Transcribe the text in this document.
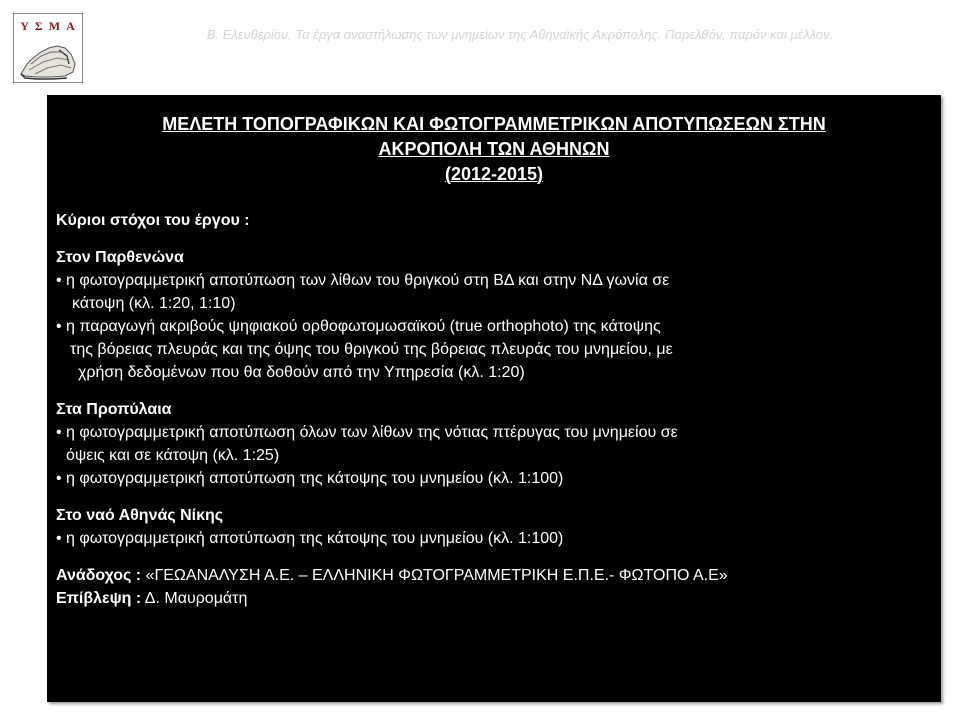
ΥΣΜΑ
Β. Ελευθερίου, Τα έργα αναστήλωσης των μνημείων της Αθηναϊκής Ακρόπολης. Παρελθόν, παρόν και μέλλον.
ΜΕΛΕΤΗ ΤΟΠΟΓΡΑΦΙΚΩΝ ΚΑΙ ΦΩΤΟΓΡΑΜΜΕΤΡΙΚΩΝ ΑΠΟΤΥΠΩΣΕΩΝ ΣΤΗΝ
ΑΚΡΟΠΟΛΗ ΤΩΝ ΑΘΗΝΩΝ
(2012-2015)
Κύριοι στόχοι του έργου :
Στον Παρθενώνα
• η φωτογραμμετρική αποτύπωση των λίθων του θριγκού στη ΒΔ και στην ΝΔ γωνία σε
κάτοψη (κλ. 1:20, 1:10)
• η παραγωγή ακριβούς ψηφιακού ορθοφωτομωσαϊκού (true orthophoto) της κάτοψης
της βόρειας πλευράς και της όψης του θριγκού της βόρειας πλευράς του μνημείου, με
χρήση δεδομένων που θα δοθούν από την Υπηρεσία (κλ. 1:20)
Στα Προπύλαια
• η φωτογραμμετρική αποτύπωση όλων των λίθων της νότιας πτέρυγας του μνημείου σε
όψεις και σε κάτοψη (κλ. 1:25)
• η φωτογραμμετρική αποτύπωση της κάτοψης του μνημείου (κλ. 1:100)
Στο ναό Αθηνάς Νίκης
• η φωτογραμμετρική αποτύπωση της κάτοψης του μνημείου (κλ. 1:100)
Ανάδοχος : «ΓΕΩΑΝΑΛΥΣΗ Α.Ε. – ΕΛΛΗΝΙΚΗ ΦΩΤΟΓΡΑΜΜΕΤΡΙΚΗ Ε.Π.Ε.- ΦΩΤΟΠΟ Α.Ε»
Επίβλεψη : Δ. Μαυρομάτη
